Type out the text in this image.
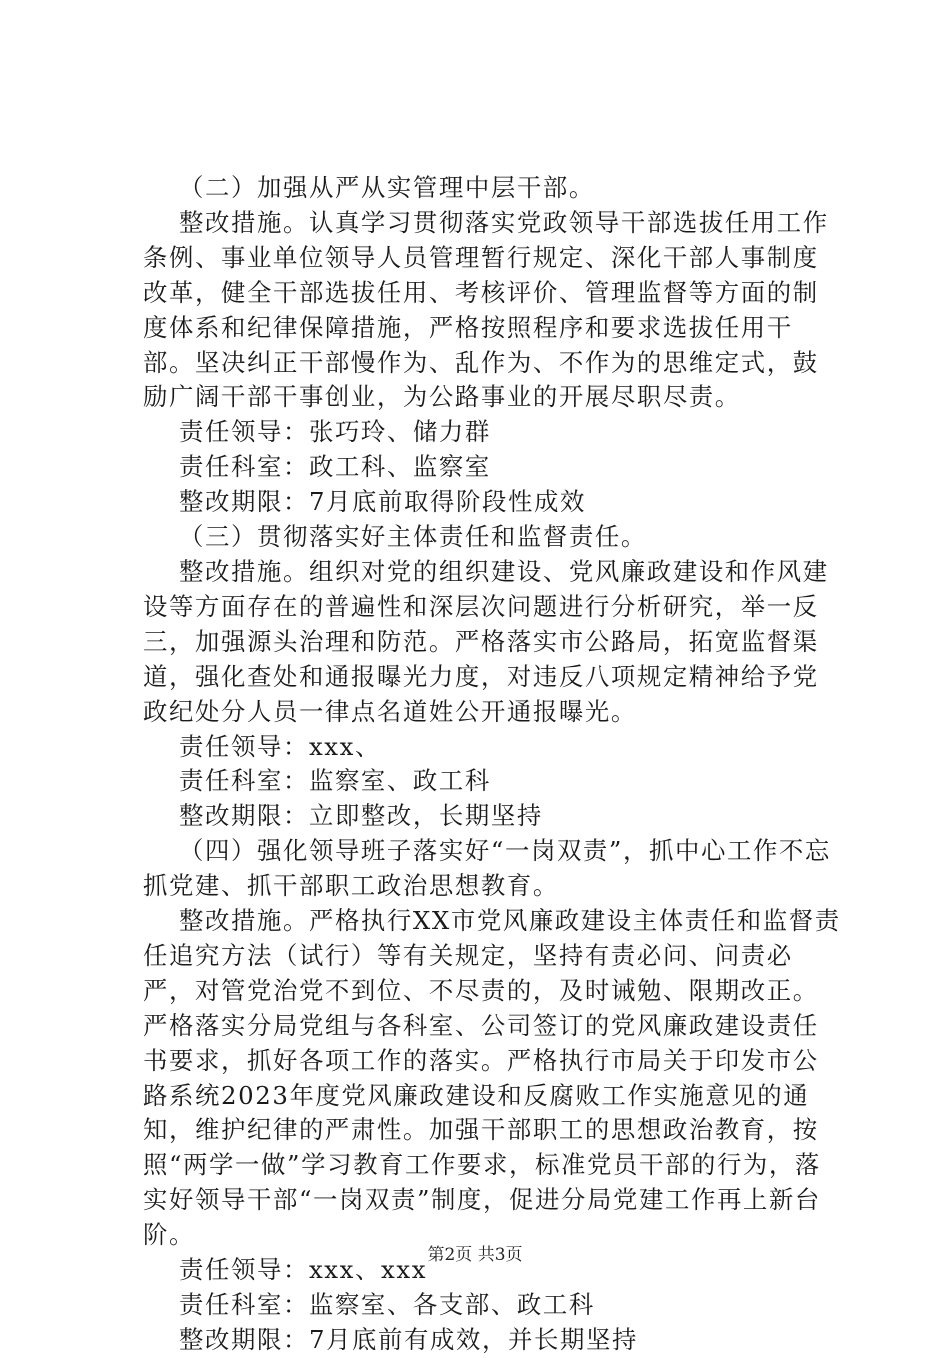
（二）加强从严从实管理中层干部。

整改措施。认真学习贯彻落实党政领导干部选拔任用工作条例、事业单位领导人员管理暂行规定、深化干部人事制度改革，健全干部选拔任用、考核评价、管理监督等方面的制度体系和纪律保障措施，严格按照程序和要求选拔任用干部。坚决纠正干部慢作为、乱作为、不作为的思维定式，鼓励广阔干部干事创业，为公路事业的开展尽职尽责。

责任领导：张巧玲、储力群

责任科室：政工科、监察室

整改期限：7月底前取得阶段性成效

（三）贯彻落实好主体责任和监督责任。

整改措施。组织对党的组织建设、党风廉政建设和作风建设等方面存在的普遍性和深层次问题进行分析研究，举一反三，加强源头治理和防范。严格落实市公路局，拓宽监督渠道，强化查处和通报曝光力度，对违反八项规定精神给予党政纪处分人员一律点名道姓公开通报曝光。

责任领导：xxx、

责任科室：监察室、政工科

整改期限：立即整改，长期坚持

（四）强化领导班子落实好“一岗双责”，抓中心工作不忘抓党建、抓干部职工政治思想教育。

整改措施。严格执行XX市党风廉政建设主体责任和监督责任追究方法（试行）等有关规定，坚持有责必问、问责必严，对管党治党不到位、不尽责的，及时诫勉、限期改正。严格落实分局党组与各科室、公司签订的党风廉政建设责任书要求，抓好各项工作的落实。严格执行市局关于印发市公路系统2023年度党风廉政建设和反腐败工作实施意见的通知，维护纪律的严肃性。加强干部职工的思想政治教育，按照“两学一做”学习教育工作要求，标准党员干部的行为，落实好领导干部“一岗双责”制度，促进分局党建工作再上新台阶。

责任领导：xxx、xxx

责任科室：监察室、各支部、政工科

整改期限：7月底前有成效，并长期坚持

第2页 共3页
